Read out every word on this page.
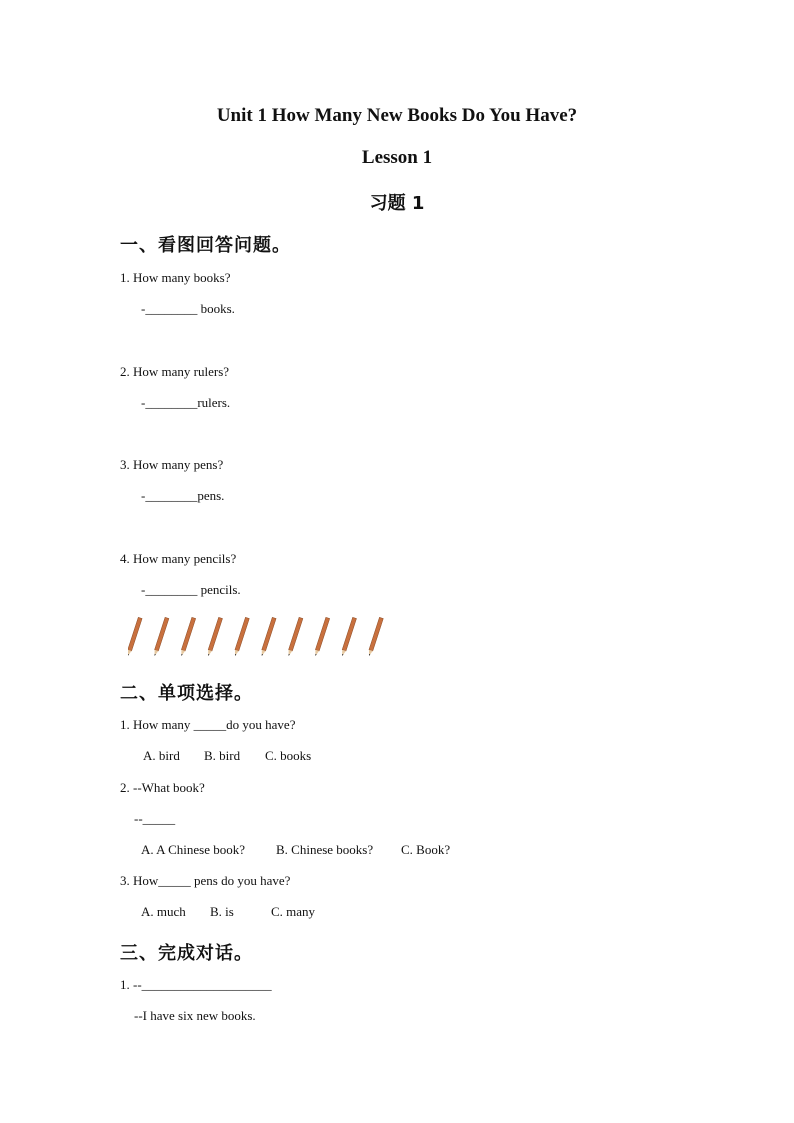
Unit 1 How Many New Books Do You Have?
Lesson 1
习题 1
一、看图回答问题。
1. How many books?
-________ books.
2. How many rulers?
-________rulers.
3. How many pens?
-________pens.
4. How many pencils?
-________ pencils.
二、单项选择。
1. How many _____do you have?
A. bird B. bird C. books
2. --What book?
--_____
A. A Chinese book? B. Chinese books? C. Book?
3. How_____ pens do you have?
A. much B. is	C. many
三、完成对话。
1. --____________________
--I have six new books.
